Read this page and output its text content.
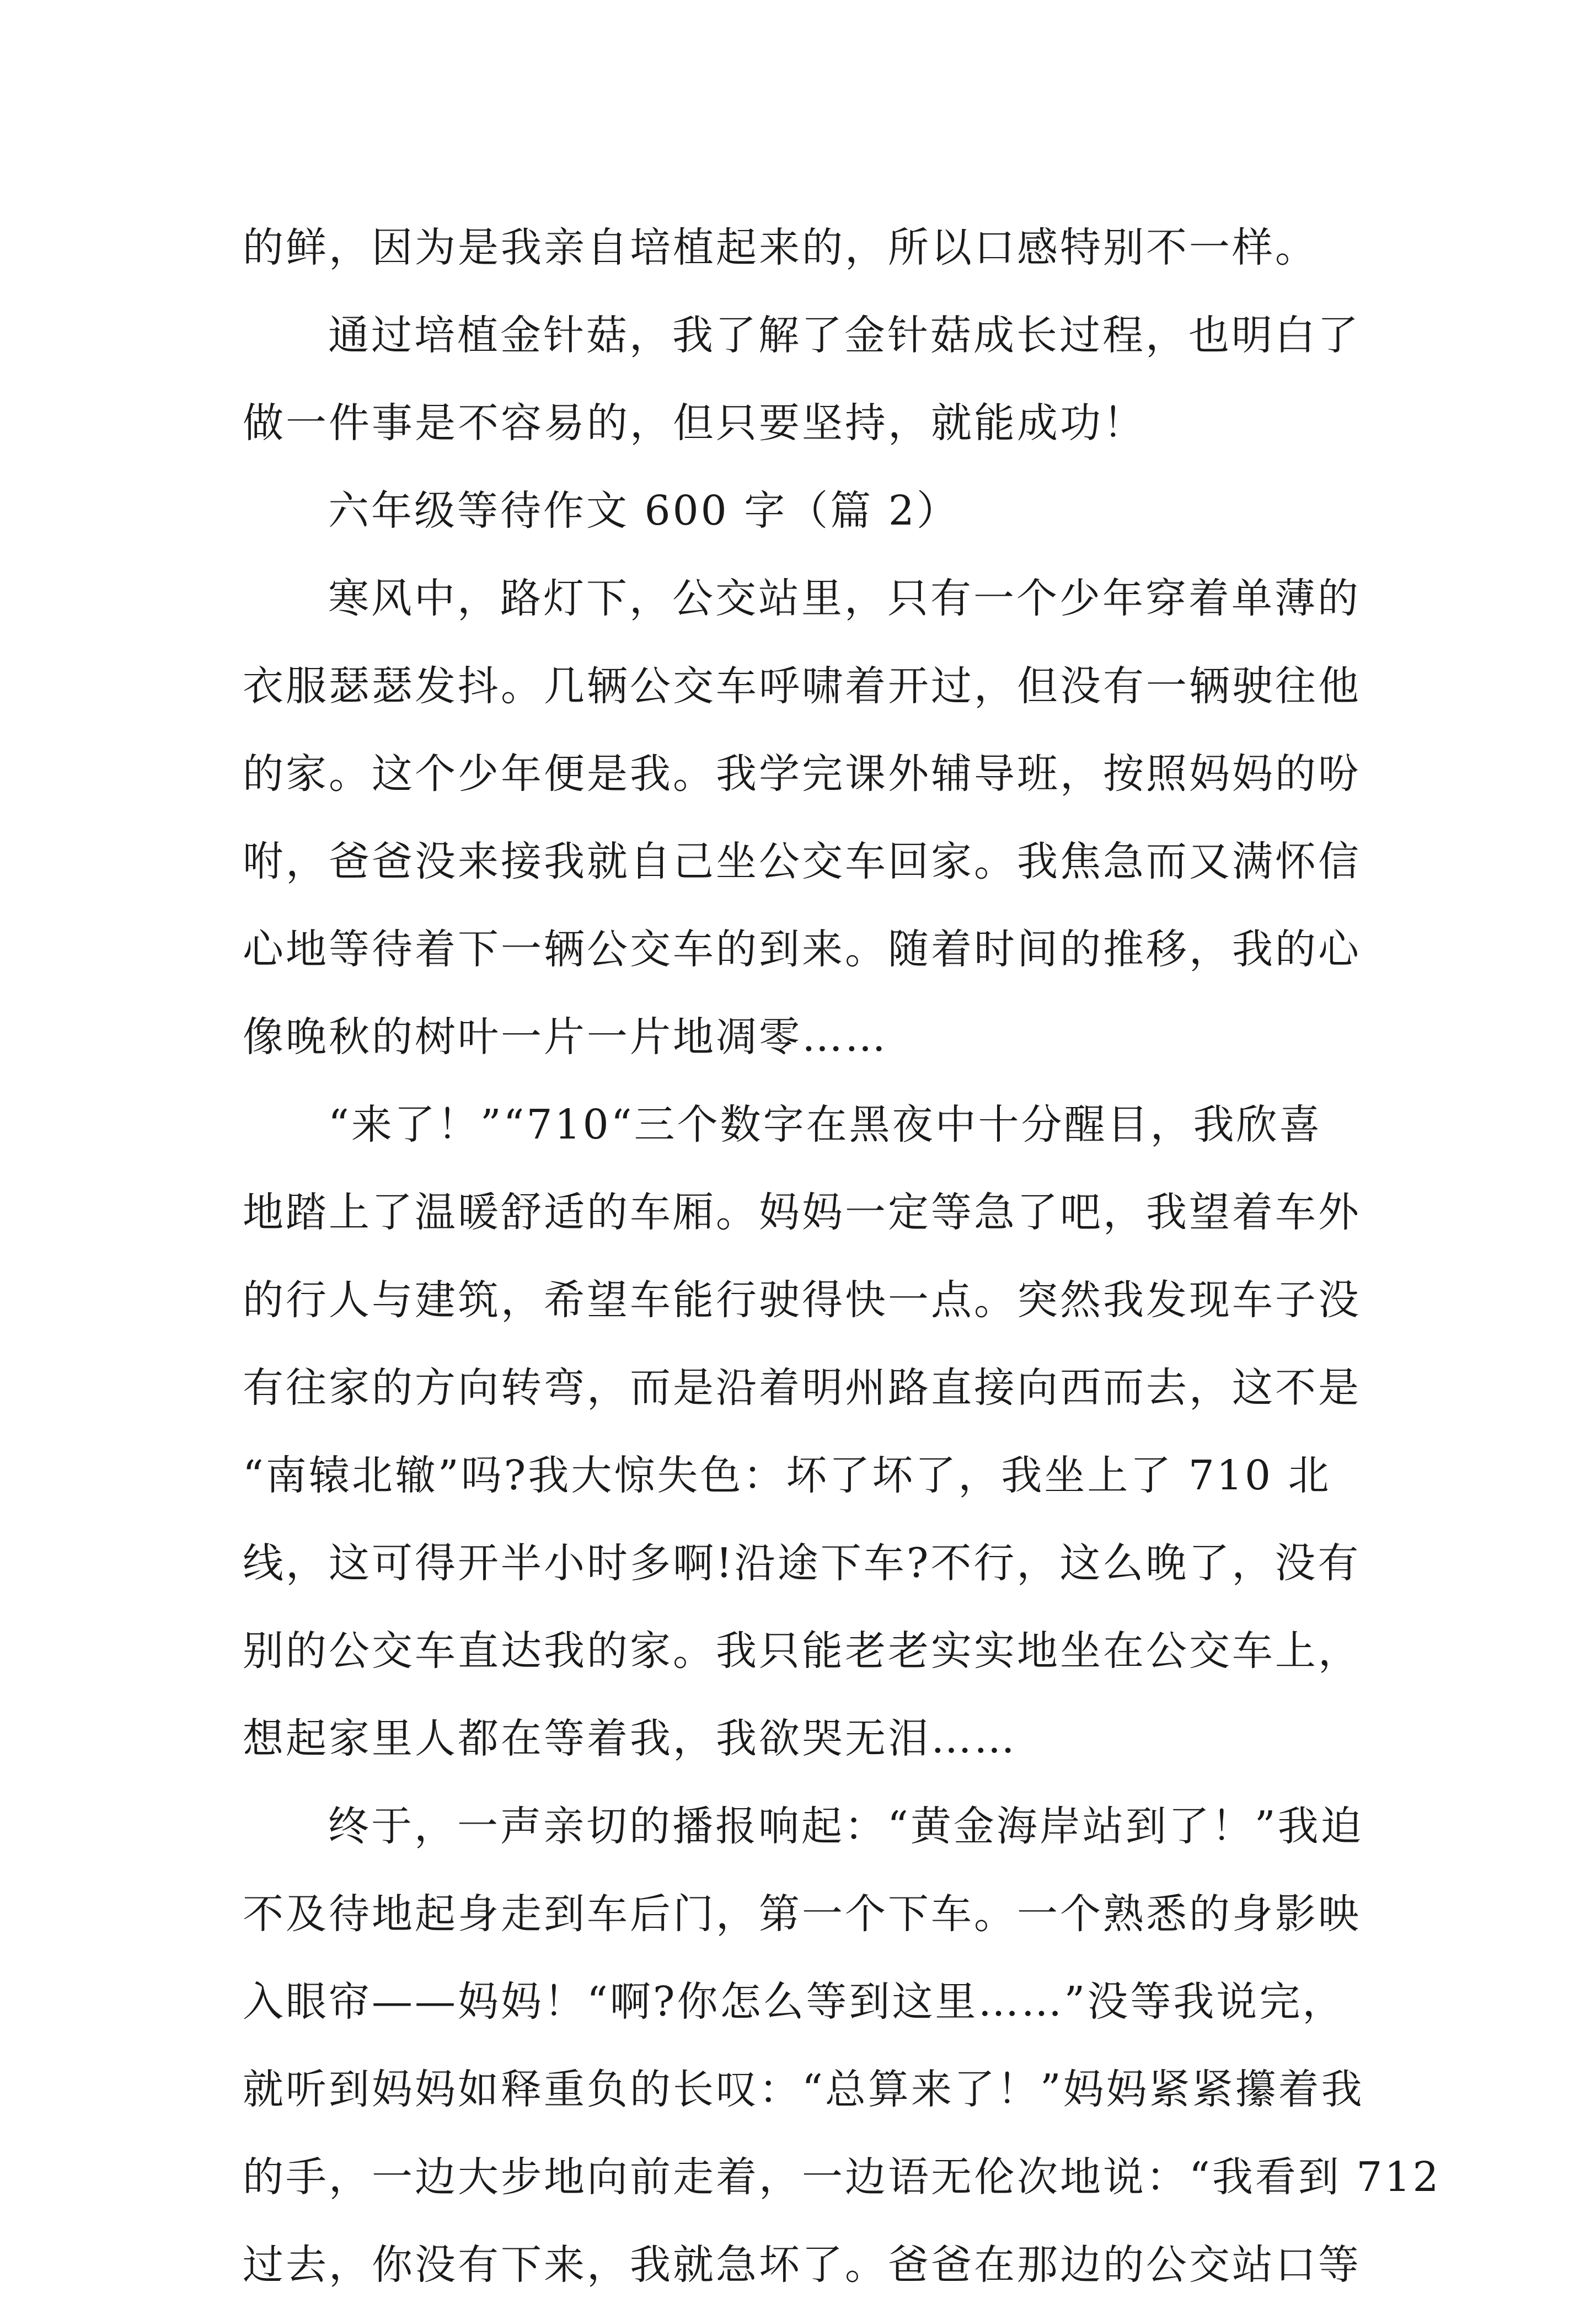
的鲜，因为是我亲自培植起来的，所以口感特别不一样。
通过培植金针菇，我了解了金针菇成长过程，也明白了
做一件事是不容易的，但只要坚持，就能成功！
六年级等待作文 600 字（篇 2）
寒风中，路灯下，公交站里，只有一个少年穿着单薄的
衣服瑟瑟发抖。几辆公交车呼啸着开过，但没有一辆驶往他
的家。这个少年便是我。我学完课外辅导班，按照妈妈的吩
咐，爸爸没来接我就自己坐公交车回家。我焦急而又满怀信
心地等待着下一辆公交车的到来。随着时间的推移，我的心
像晚秋的树叶一片一片地凋零……
“来了！”“710“三个数字在黑夜中十分醒目，我欣喜
地踏上了温暖舒适的车厢。妈妈一定等急了吧，我望着车外
的行人与建筑，希望车能行驶得快一点。突然我发现车子没
有往家的方向转弯，而是沿着明州路直接向西而去，这不是
“南辕北辙”吗?我大惊失色：坏了坏了，我坐上了 710 北
线，这可得开半小时多啊!沿途下车?不行，这么晚了，没有
别的公交车直达我的家。我只能老老实实地坐在公交车上，
想起家里人都在等着我，我欲哭无泪……
终于，一声亲切的播报响起：“黄金海岸站到了！”我迫
不及待地起身走到车后门，第一个下车。一个熟悉的身影映
入眼帘——妈妈！“啊?你怎么等到这里……”没等我说完，
就听到妈妈如释重负的长叹：“总算来了！”妈妈紧紧攥着我
的手，一边大步地向前走着，一边语无伦次地说：“我看到 712
过去，你没有下来，我就急坏了。爸爸在那边的公交站口等
